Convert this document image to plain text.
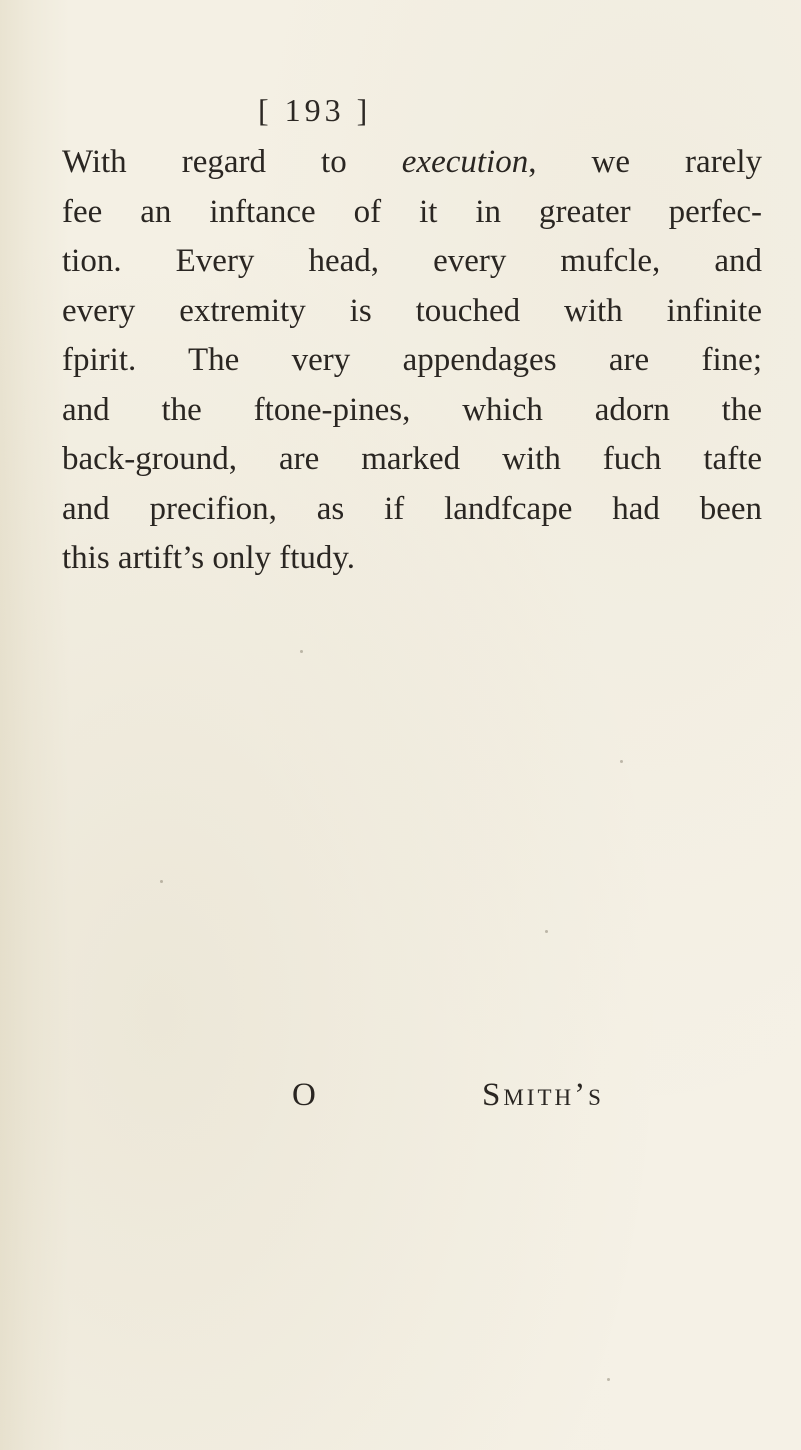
[ 193 ]
With regard to execution, we rarely
fee an inftance of it in greater perfec-
tion. Every head, every mufcle, and
every extremity is touched with infinite
fpirit. The very appendages are fine;
and the ftone-pines, which adorn the
back-ground, are marked with fuch tafte
and precifion, as if landfcape had been
this artift’s only ftudy.
O	Smith’s
